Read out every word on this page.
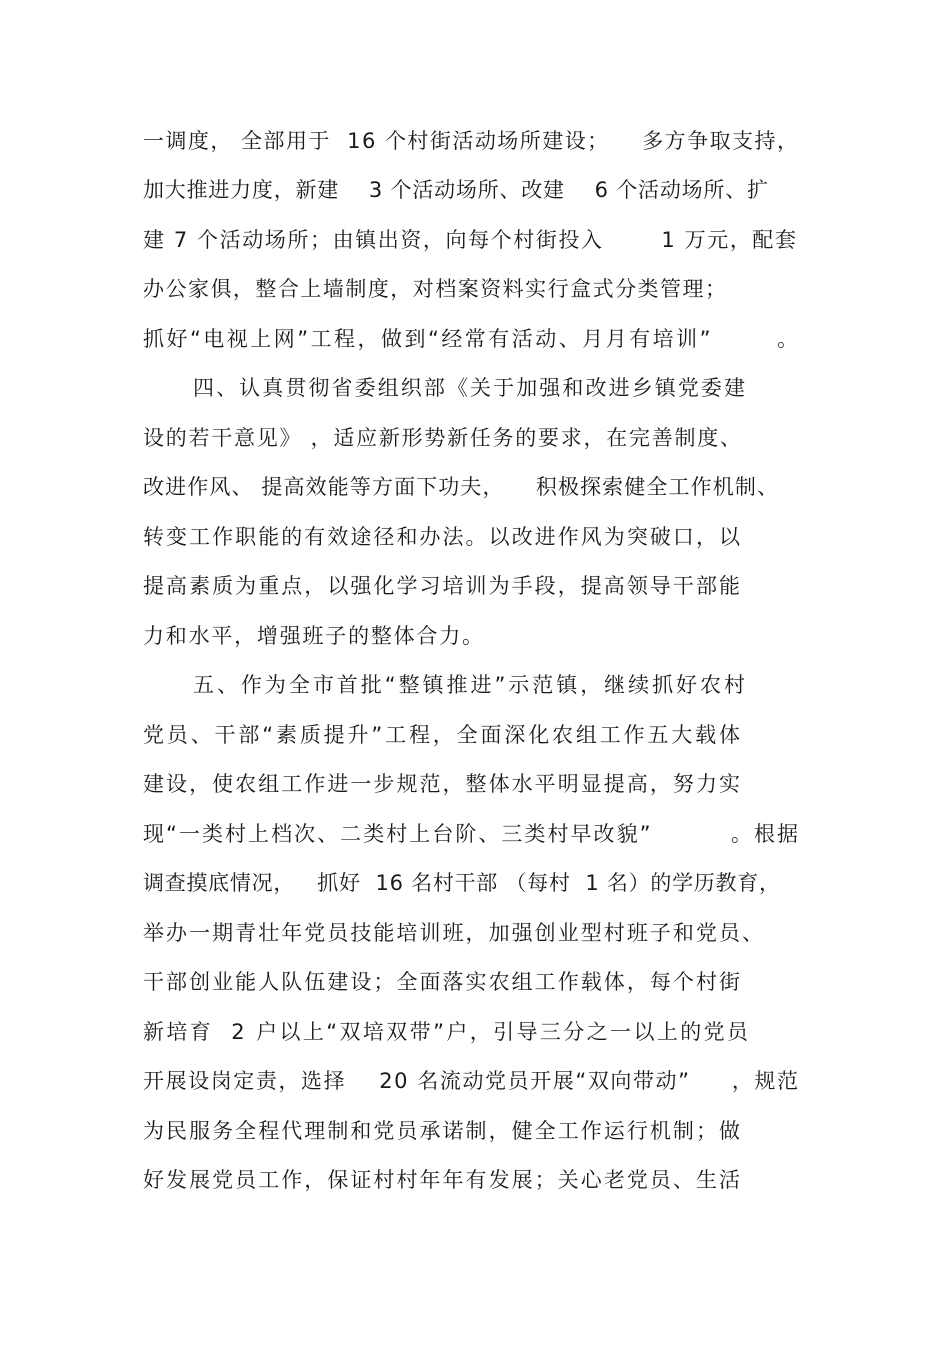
一调度， 全部用于  16 个村街活动场所建设；    多方争取支持，

加大推进力度，新建    3 个活动场所、改建    6 个活动场所、扩

建 7 个活动场所；由镇出资，向每个村街投入       1 万元，配套

办公家俱，整合上墙制度，对档案资料实行盒式分类管理；

抓好“电视上网”工程，做到“经常有活动、月月有培训”       。

四、认真贯彻省委组织部《关于加强和改进乡镇党委建

设的若干意见》 ，适应新形势新任务的要求，在完善制度、

改进作风、 提高效能等方面下功夫，    积极探索健全工作机制、

转变工作职能的有效途径和办法。以改进作风为突破口，以

提高素质为重点，以强化学习培训为手段，提高领导干部能

力和水平，增强班子的整体合力。

五、作为全市首批“整镇推进”示范镇，继续抓好农村

党员、干部“素质提升”工程，全面深化农组工作五大载体

建设，使农组工作进一步规范，整体水平明显提高，努力实

现“一类村上档次、二类村上台阶、三类村早改貌”         。根据

调查摸底情况，   抓好  16 名村干部 （每村  1 名）的学历教育，

举办一期青壮年党员技能培训班，加强创业型村班子和党员、

干部创业能人队伍建设；全面落实农组工作载体，每个村街

新培育  2 户以上“双培双带”户，引导三分之一以上的党员

开展设岗定责，选择    20 名流动党员开展“双向带动”     ，规范

为民服务全程代理制和党员承诺制，健全工作运行机制；做

好发展党员工作，保证村村年年有发展；关心老党员、生活
